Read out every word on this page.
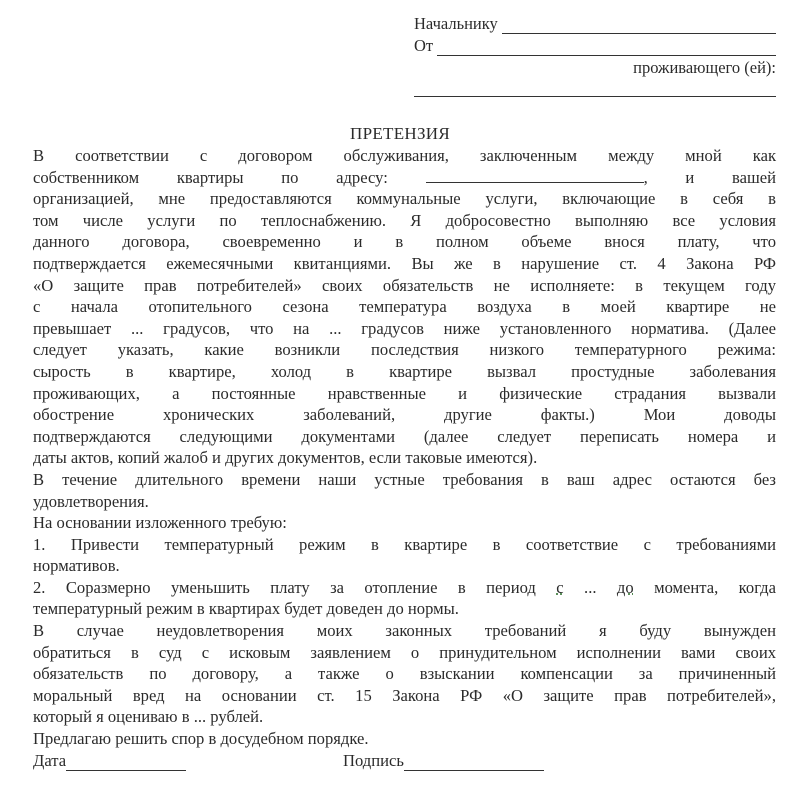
Начальнику
От
проживающего (ей):
ПРЕТЕНЗИЯ

В соответствии с договором обслуживания, заключенным между мной как

собственником квартиры по адресу:	, и вашей

организацией, мне предоставляются коммунальные услуги, включающие в себя в

том числе услуги по теплоснабжению. Я добросовестно выполняю все условия

данного договора, своевременно и в полном объеме внося плату, что

подтверждается ежемесячными квитанциями. Вы же в нарушение ст. 4 Закона РФ

«О защите прав потребителей» своих обязательств не исполняете: в текущем году

с начала отопительного сезона температура воздуха в моей квартире не

превышает ... градусов, что на ... градусов ниже установленного норматива. (Далее

следует указать, какие возникли последствия низкого температурного режима:

сырость в квартире, холод в квартире вызвал простудные заболевания

проживающих, а постоянные нравственные и физические страдания вызвали

обострение хронических заболеваний, другие факты.) Мои доводы

подтверждаются следующими документами (далее следует переписать номера и

даты актов, копий жалоб и других документов, если таковые имеются).

В течение длительного времени наши устные требования в ваш адрес остаются без

удовлетворения.

На основании изложенного требую:

1. Привести температурный режим в квартире в соответствие с требованиями

нормативов.

2. Соразмерно уменьшить плату за отопление в период с ... до момента, когда

температурный режим в квартирах будет доведен до нормы.

В случае неудовлетворения моих законных требований я буду вынужден

обратиться в суд с исковым заявлением о принудительном исполнении вами своих

обязательств по договору, а также о взыскании компенсации за причиненный

моральный вред на основании ст. 15 Закона РФ «О защите прав потребителей»,

который я оцениваю в ... рублей.

Предлагаю решить спор в досудебном порядке.

Дата	Подпись
